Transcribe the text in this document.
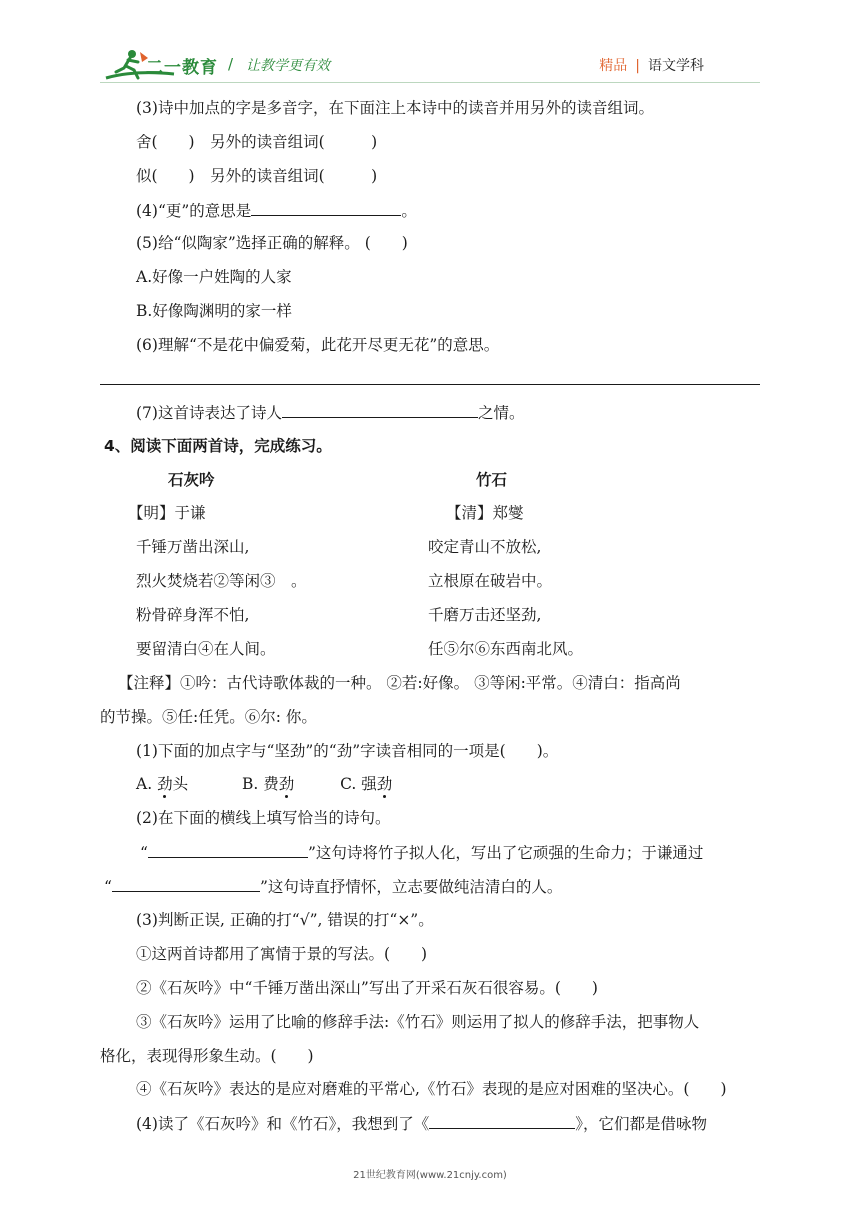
二一教育 / 让教学更有效	精品 | 语文学科
(3)诗中加点的字是多音字，在下面注上本诗中的读音并用另外的读音组词。
舍(　　)　另外的读音组词(　　　)
似(　　)　另外的读音组词(　　　)
(4)“更”的意思是	。
(5)给“似陶家”选择正确的解释。 (　　)
A.好像一户姓陶的人家
B.好像陶渊明的家一样
(6)理解“不是花中偏爱菊，此花开尽更无花”的意思。
(7)这首诗表达了诗人	之情。
4、阅读下面两首诗，完成练习。
石灰吟	竹石
【明】于谦	【清】郑燮
千锤万凿出深山,	咬定青山不放松,
烈火焚烧若②等闲③　。	立根原在破岩中。
粉骨碎身浑不怕,	千磨万击还坚劲,
要留清白④在人间。	任⑤尔⑥东西南北风。
【注释】①吟：古代诗歌体裁的一种。 ②若:好像。 ③等闲:平常。④清白：指高尚
的节操。⑤任:任凭。⑥尔: 你。
(1)下面的加点字与“坚劲”的“劲”字读音相同的一项是(　　)。
A. 劲头	B. 费劲	C. 强劲
(2)在下面的横线上填写恰当的诗句。
“	”这句诗将竹子拟人化，写出了它顽强的生命力；于谦通过
“	”这句诗直抒情怀，立志要做纯洁清白的人。
(3)判断正误, 正确的打“√”, 错误的打“×”。
①这两首诗都用了寓情于景的写法。(　　)
②《石灰吟》中“千锤万凿出深山”写出了开采石灰石很容易。(　　)
③《石灰吟》运用了比喻的修辞手法:《竹石》则运用了拟人的修辞手法，把事物人
格化，表现得形象生动。(　　)
④《石灰吟》表达的是应对磨难的平常心,《竹石》表现的是应对困难的坚决心。(　　)
(4)读了《石灰吟》和《竹石》，我想到了《	》，它们都是借咏物
21世纪教育网(www.21cnjy.com)
